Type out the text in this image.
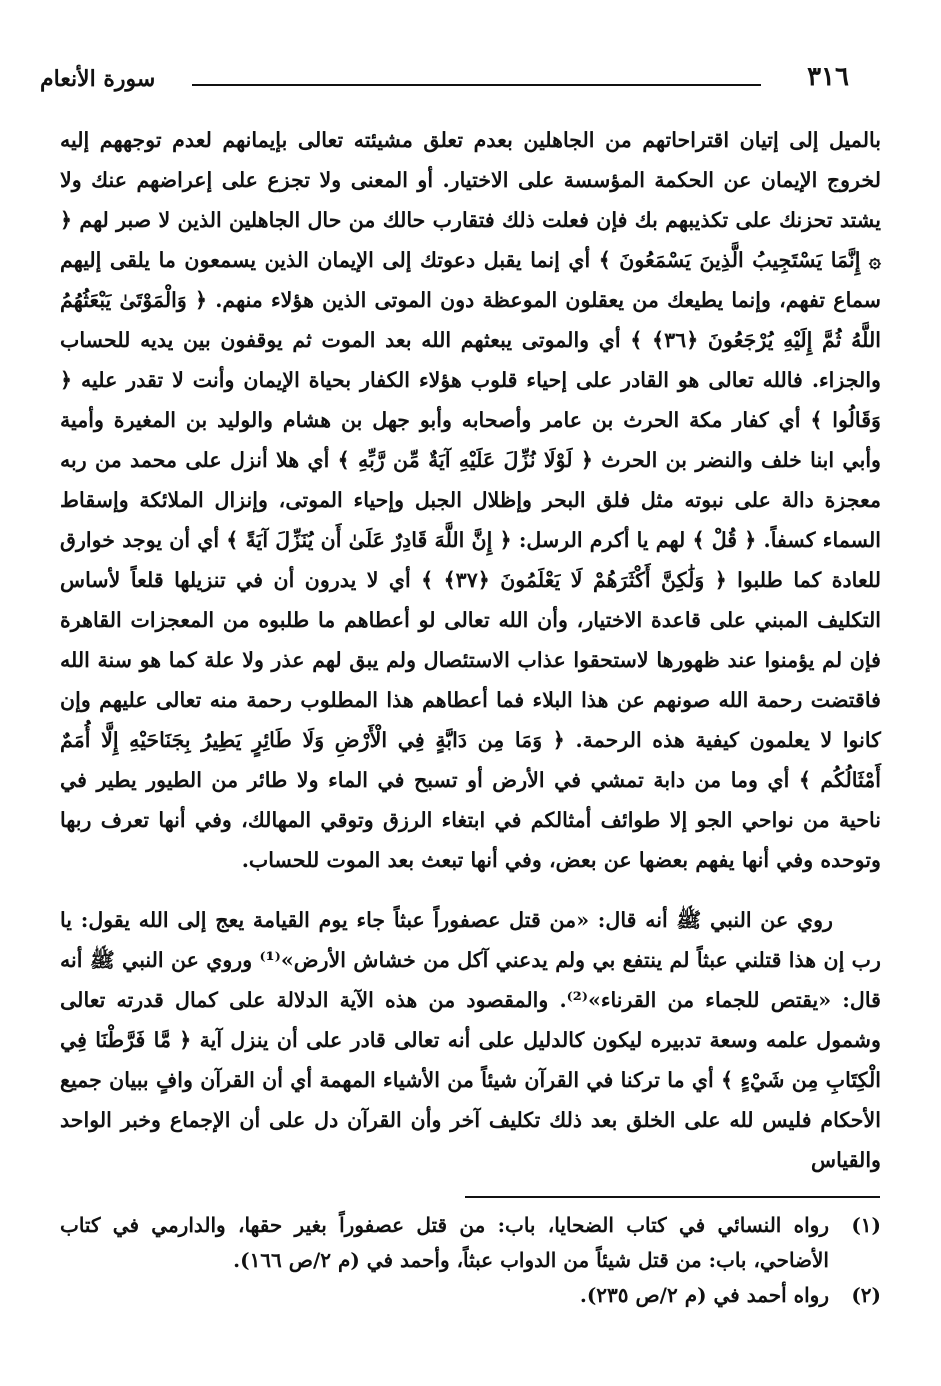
٣١٦
سورة الأنعام

بالميل إلى إتيان اقتراحاتهم من الجاهلين بعدم تعلق مشيئته تعالى بإيمانهم لعدم توجههم إليه لخروج الإيمان عن الحكمة المؤسسة على الاختيار. أو المعنى ولا تجزع على إعراضهم عنك ولا يشتد تحزنك على تكذيبهم بك فإن فعلت ذلك فتقارب حالك من حال الجاهلين الذين لا صبر لهم ﴿ ۞ إِنَّمَا يَسْتَجِيبُ الَّذِينَ يَسْمَعُونَ ﴾ أي إنما يقبل دعوتك إلى الإيمان الذين يسمعون ما يلقى إليهم سماع تفهم، وإنما يطيعك من يعقلون الموعظة دون الموتى الذين هؤلاء منهم. ﴿ وَالْمَوْتَىٰ يَبْعَثُهُمُ اللَّهُ ثُمَّ إِلَيْهِ يُرْجَعُونَ ﴿٣٦﴾ ﴾ أي والموتى يبعثهم الله بعد الموت ثم يوقفون بين يديه للحساب والجزاء. فالله تعالى هو القادر على إحياء قلوب هؤلاء الكفار بحياة الإيمان وأنت لا تقدر عليه ﴿ وَقَالُوا ﴾ أي كفار مكة الحرث بن عامر وأصحابه وأبو جهل بن هشام والوليد بن المغيرة وأمية وأبي ابنا خلف والنضر بن الحرث ﴿ لَوْلَا نُزِّلَ عَلَيْهِ آيَةٌ مِّن رَّبِّهِ ﴾ أي هلا أنزل على محمد من ربه معجزة دالة على نبوته مثل فلق البحر وإظلال الجبل وإحياء الموتى، وإنزال الملائكة وإسقاط السماء كسفاً. ﴿ قُلْ ﴾ لهم يا أكرم الرسل: ﴿ إِنَّ اللَّهَ قَادِرٌ عَلَىٰ أَن يُنَزِّلَ آيَةً ﴾ أي أن يوجد خوارق للعادة كما طلبوا ﴿ وَلَٰكِنَّ أَكْثَرَهُمْ لَا يَعْلَمُونَ ﴿٣٧﴾ ﴾ أي لا يدرون أن في تنزيلها قلعاً لأساس التكليف المبني على قاعدة الاختيار، وأن الله تعالى لو أعطاهم ما طلبوه من المعجزات القاهرة فإن لم يؤمنوا عند ظهورها لاستحقوا عذاب الاستئصال ولم يبق لهم عذر ولا علة كما هو سنة الله فاقتضت رحمة الله صونهم عن هذا البلاء فما أعطاهم هذا المطلوب رحمة منه تعالى عليهم وإن كانوا لا يعلمون كيفية هذه الرحمة. ﴿ وَمَا مِن دَابَّةٍ فِي الْأَرْضِ وَلَا طَائِرٍ يَطِيرُ بِجَنَاحَيْهِ إِلَّا أُمَمٌ أَمْثَالُكُم ﴾ أي وما من دابة تمشي في الأرض أو تسبح في الماء ولا طائر من الطيور يطير في ناحية من نواحي الجو إلا طوائف أمثالكم في ابتغاء الرزق وتوقي المهالك، وفي أنها تعرف ربها وتوحده وفي أنها يفهم بعضها عن بعض، وفي أنها تبعث بعد الموت للحساب.

روي عن النبي ﷺ أنه قال: «من قتل عصفوراً عبثاً جاء يوم القيامة يعج إلى الله يقول: يا رب إن هذا قتلني عبثاً لم ينتفع بي ولم يدعني آكل من خشاش الأرض»⁽¹⁾ وروي عن النبي ﷺ أنه قال: «يقتص للجماء من القرناء»⁽²⁾. والمقصود من هذه الآية الدلالة على كمال قدرته تعالى وشمول علمه وسعة تدبيره ليكون كالدليل على أنه تعالى قادر على أن ينزل آية ﴿ مَّا فَرَّطْنَا فِي الْكِتَابِ مِن شَيْءٍ ﴾ أي ما تركنا في القرآن شيئاً من الأشياء المهمة أي أن القرآن وافٍ ببيان جميع الأحكام فليس لله على الخلق بعد ذلك تكليف آخر وأن القرآن دل على أن الإجماع وخبر الواحد والقياس

(١)
رواه النسائي في كتاب الضحايا، باب: من قتل عصفوراً بغير حقها، والدارمي في كتاب الأضاحي، باب: من قتل شيئاً من الدواب عبثاً، وأحمد في (م ٢/ص ١٦٦).
(٢)
رواه أحمد في (م ٢/ص ٢٣٥).
